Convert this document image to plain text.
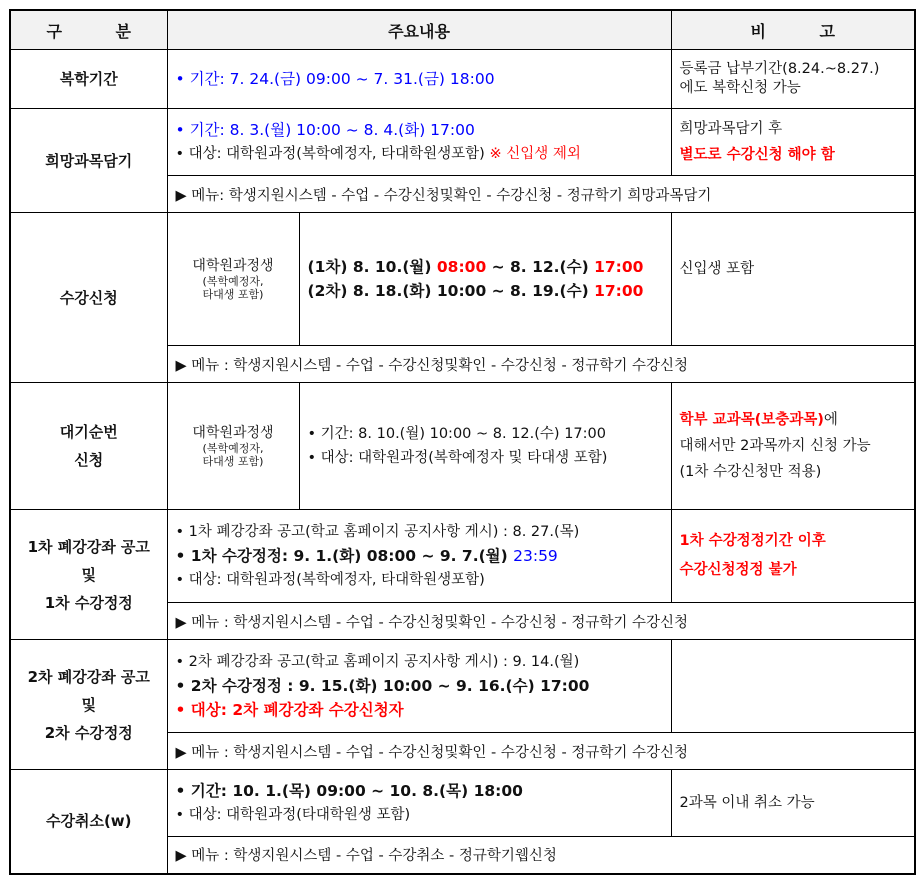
구 분	주요내용		비 고
복학기간	• 기간: 7. 24.(금) 09:00 ~ 7. 31.(금) 18:00		등록금 납부기간(8.24.~8.27.)
에도 복학신청 가능

희망과목담기	• 기간: 8. 3.(월) 10:00 ~ 8. 4.(화) 17:00
• 대상: 대학원과정(복학예정자, 타대학원생포함) ※ 신입생 제외		희망과목담기 후
별도로 수강신청 해야 함

	▶ 메뉴: 학생지원시스템 - 수업 - 수강신청및확인 - 수강신청 - 정규학기 희망과목담기		
수강신청	대학원과정생
(복학예정자,
타대생 포함)	(1차) 8. 10.(월) 08:00 ~ 8. 12.(수) 17:00
(2차) 8. 18.(화) 10:00 ~ 8. 19.(수) 17:00	신입생 포함

	▶ 메뉴 : 학생지원시스템 - 수업 - 수강신청및확인 - 수강신청 - 정규학기 수강신청		

대기순번
신청	대학원과정생
(복학예정자,
타대생 포함)	• 기간: 8. 10.(월) 10:00 ~ 8. 12.(수) 17:00
• 대상: 대학원과정(복학예정자 및 타대생 포함)	학부 교과목(보충과목)에
대해서만 2과목까지 신청 가능
(1차 수강신청만 적용)

1차 폐강강좌 공고
및
1차 수강정정	• 1차 폐강강좌 공고(학교 홈페이지 공지사항 게시) : 8. 27.(목)
• 1차 수강정정: 9. 1.(화) 08:00 ~ 9. 7.(월) 23:59
• 대상: 대학원과정(복학예정자, 타대학원생포함)		1차 수강정정기간 이후
수강신청정정 불가

	▶ 메뉴 : 학생지원시스템 - 수업 - 수강신청및확인 - 수강신청 - 정규학기 수강신청		

2차 폐강강좌 공고
및
2차 수강정정	• 2차 폐강강좌 공고(학교 홈페이지 공지사항 게시) : 9. 14.(월)
• 2차 수강정정 : 9. 15.(화) 10:00 ~ 9. 16.(수) 17:00
• 대상: 2차 폐강강좌 수강신청자		

	▶ 메뉴 : 학생지원시스템 - 수업 - 수강신청및확인 - 수강신청 - 정규학기 수강신청		
수강취소(w)	• 기간: 10. 1.(목) 09:00 ~ 10. 8.(목) 18:00
• 대상: 대학원과정(타대학원생 포함)		2과목 이내 취소 가능
	▶ 메뉴 : 학생지원시스템 - 수업 - 수강취소 - 정규학기웹신청		
